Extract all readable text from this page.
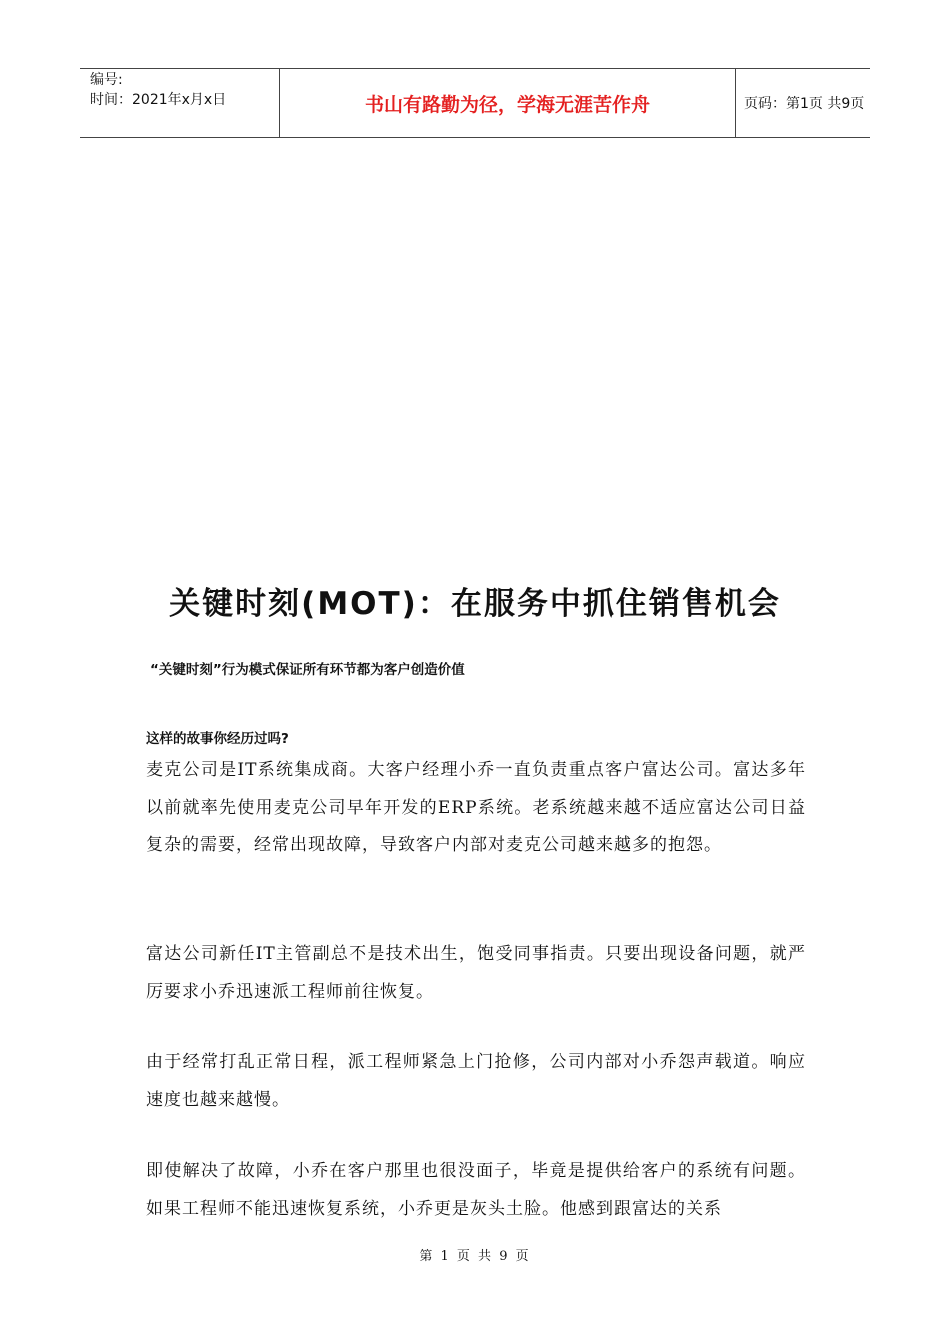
编号:
时间：2021年x月x日	书山有路勤为径，学海无涯苦作舟	页码：第1页 共9页
关键时刻(MOT)：在服务中抓住销售机会
“关键时刻”行为模式保证所有环节都为客户创造价值
这样的故事你经历过吗?

麦克公司是IT系统集成商。大客户经理小乔一直负责重点客户富达公司。富达多年以前就率先使用麦克公司早年开发的ERP系统。老系统越来越不适应富达公司日益复杂的需要，经常出现故障，导致客户内部对麦克公司越来越多的抱怨。

富达公司新任IT主管副总不是技术出生，饱受同事指责。只要出现设备问题，就严厉要求小乔迅速派工程师前往恢复。

由于经常打乱正常日程，派工程师紧急上门抢修，公司内部对小乔怨声载道。响应速度也越来越慢。

即使解决了故障，小乔在客户那里也很没面子，毕竟是提供给客户的系统有问题。如果工程师不能迅速恢复系统，小乔更是灰头土脸。他感到跟富达的关系

第 1 页 共 9 页
